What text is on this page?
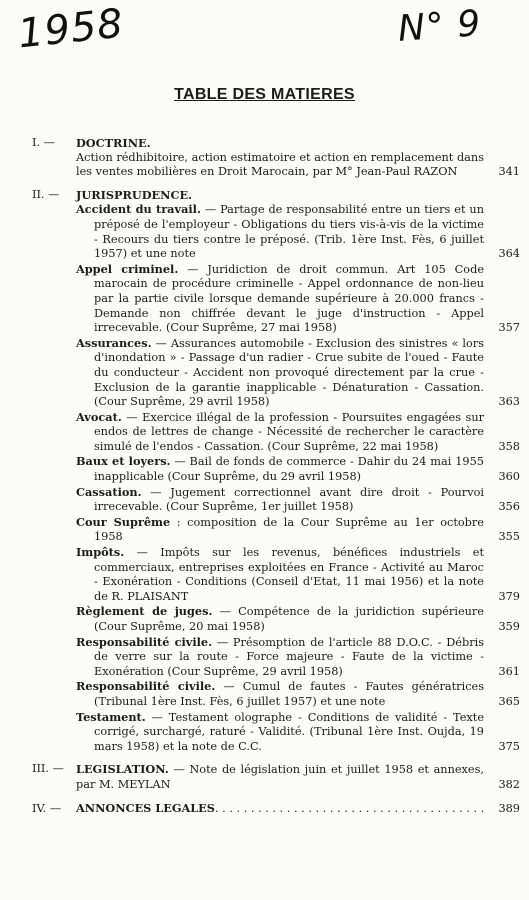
1958	N° 9
TABLE DES MATIERES
I. —	DOCTRINE.
Action rédhibitoire, action estimatoire et action en remplacement dans les ventes mobilières en Droit Marocain, par M° Jean-Paul RAZON	341
II. —	JURISPRUDENCE.
Accident du travail. — Partage de responsabilité entre un tiers et un préposé de l'employeur - Obligations du tiers vis-à-vis de la victime - Recours du tiers contre le préposé. (Trib. 1ère Inst. Fès, 6 juillet 1957) et une note	364
Appel criminel. — Juridiction de droit commun. Art 105 Code marocain de procédure criminelle - Appel ordonnance de non-lieu par la partie civile lorsque demande supérieure à 20.000 francs - Demande non chiffrée devant le juge d'instruction - Appel irrecevable. (Cour Suprême, 27 mai 1958)	357
Assurances. — Assurances automobile - Exclusion des sinistres « lors d'inondation » - Passage d'un radier - Crue subite de l'oued - Faute du conducteur - Accident non provoqué directement par la crue - Exclusion de la garantie inapplicable - Dénaturation - Cassation. (Cour Suprême, 29 avril 1958)	363
Avocat. — Exercice illégal de la profession - Poursuites engagées sur endos de lettres de change - Nécessité de rechercher le caractère simulé de l'endos - Cassation. (Cour Suprême, 22 mai 1958)	358
Baux et loyers. — Bail de fonds de commerce - Dahir du 24 mai 1955 inapplicable (Cour Suprême, du 29 avril 1958)	360
Cassation. — Jugement correctionnel avant dire droit - Pourvoi irrecevable. (Cour Suprême, 1er juillet 1958)	356
Cour Suprême : composition de la Cour Suprême au 1er octobre 1958	355
Impôts. — Impôts sur les revenus, bénéfices industriels et commerciaux, entreprises exploitées en France - Activité au Maroc - Exonération - Conditions (Conseil d'Etat, 11 mai 1956) et la note de R. PLAISANT	379
Règlement de juges. — Compétence de la juridiction supérieure (Cour Suprême, 20 mai 1958)	359
Responsabilité civile. — Présomption de l'article 88 D.O.C. - Débris de verre sur la route - Force majeure - Faute de la victime - Exonération (Cour Suprême, 29 avril 1958)	361
Responsabilité civile. — Cumul de fautes - Fautes génératrices (Tribunal 1ère Inst. Fès, 6 juillet 1957) et une note	365
Testament. — Testament olographe - Conditions de validité - Texte corrigé, surchargé, raturé - Validité. (Tribunal 1ère Inst. Oujda, 19 mars 1958) et la note de C.C.	375
III. —	LEGISLATION. — Note de législation juin et juillet 1958 et annexes, par M. MEYLAN	382
IV. —	ANNONCES LEGALES . . .	389
